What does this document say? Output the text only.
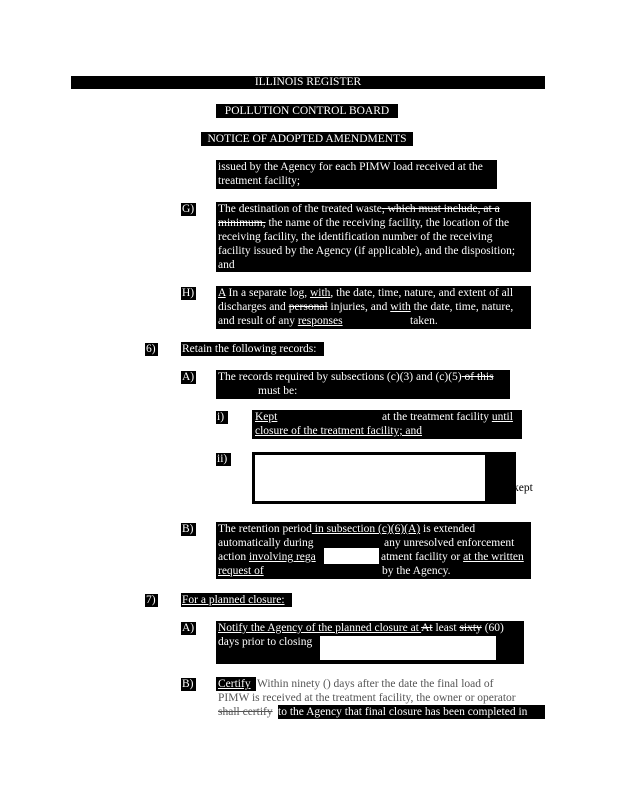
ILLINOIS REGISTER
POLLUTION CONTROL BOARD
NOTICE OF ADOPTED AMENDMENTS
issued by the Agency for each PIMW load received at the
treatment facility;
G) The destination of the treated waste, which must include, at a
minimum, the name of the receiving facility, the location of the
receiving facility, the identification number of the receiving
facility issued by the Agency (if applicable), and the disposition;
and
H) A In a separate log, with, the date, time, nature, and extent of all
discharges and personal injuries, and with the date, time, nature,
and result of any responses	taken.
6) Retain the following records:
A) The records required by subsections (c)(3) and (c)(5) of this
must be:
i)	Kept	at the treatment facility until
closure of the treatment facility; and
ii)
kept
B) The retention period in subsection (c)(6)(A) is extended
automatically during	any unresolved enforcement
action involving rega	atment facility or at the written
request of	by the Agency.
7) For a planned closure:
A) Notify the Agency of the planned closure at At least sixty (60)
days prior to closing
B) Certify Within ninety () days after the date the final load of
PIMW is received at the treatment facility, the owner or operator
shall certify to the Agency that final closure has been completed in
